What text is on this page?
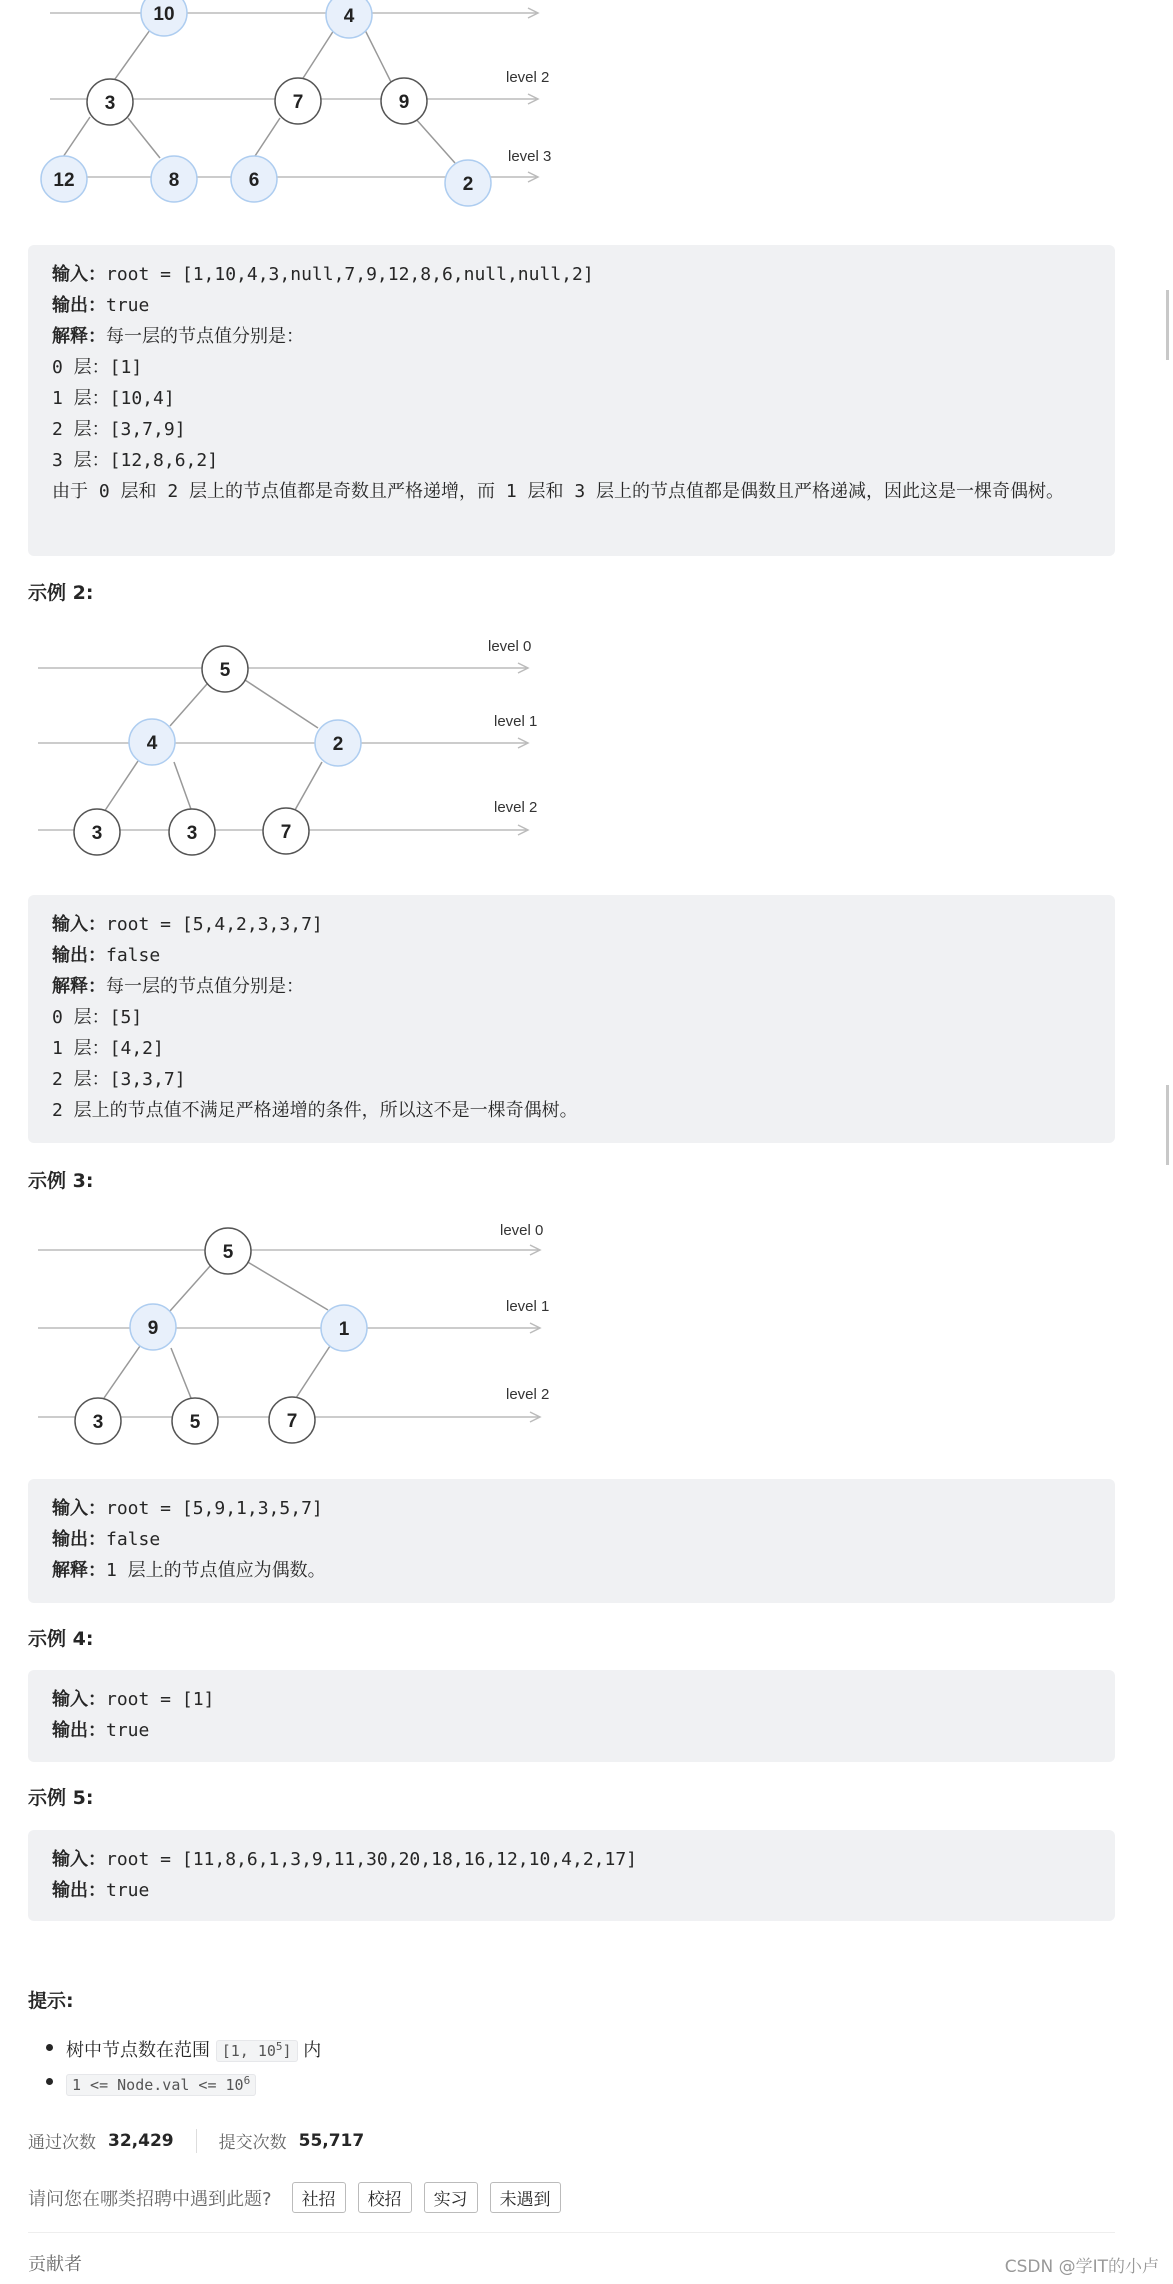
10	4
3	7	9
12	8	6	2
level 2
level 3
输入：root = [1,10,4,3,null,7,9,12,8,6,null,null,2]
输出：true
解释：每一层的节点值分别是：
0 层：[1]
1 层：[10,4]
2 层：[3,7,9]
3 层：[12,8,6,2]
由于 0 层和 2 层上的节点值都是奇数且严格递增，而 1 层和 3 层上的节点值都是偶数且严格递减，因此这是一棵奇偶树。
示例 2:
5
4	2
3	3	7
level 0
level 1
level 2
输入：root = [5,4,2,3,3,7]
输出：false
解释：每一层的节点值分别是：
0 层：[5]
1 层：[4,2]
2 层：[3,3,7]
2 层上的节点值不满足严格递增的条件，所以这不是一棵奇偶树。
示例 3:
5
9	1
3	5	7
level 0
level 1
level 2
输入：root = [5,9,1,3,5,7]
输出：false
解释：1 层上的节点值应为偶数。
示例 4:
输入：root = [1]
输出：true
示例 5:
输入：root = [11,8,6,1,3,9,11,30,20,18,16,12,10,4,2,17]
输出：true
提示:
树中节点数在范围 [1, $10^5$] 内
1 <= Node.val <= $10^6$
通过次数 32,429	提交次数 55,717
请问您在哪类招聘中遇到此题?	社招	校招	实习	未遇到
贡献者	CSDN @学IT的小卢
